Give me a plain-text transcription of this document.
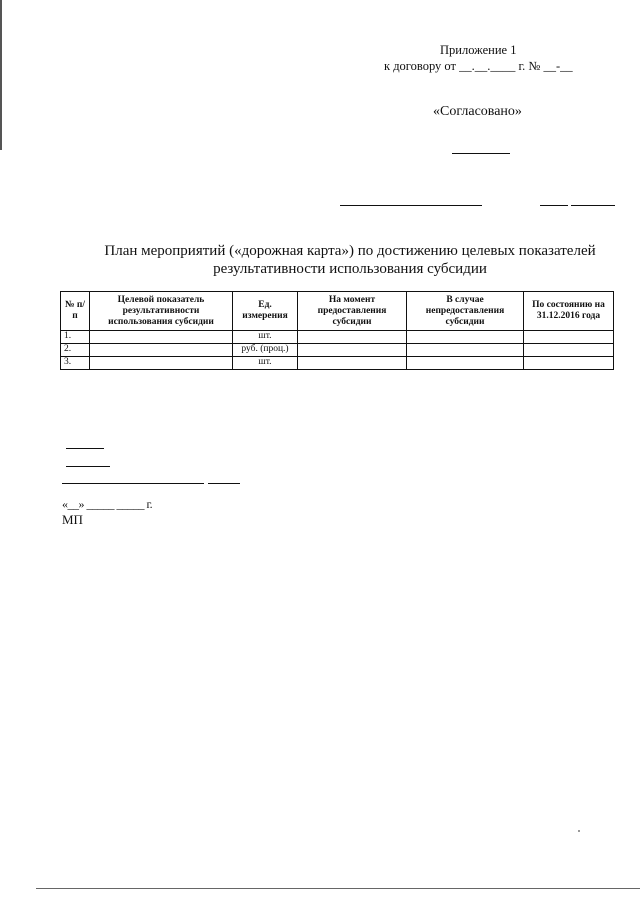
Приложение 1
к договору от __.__.____ г. № __-__
«Согласовано»
План мероприятий («дорожная карта») по достижению целевых показателей
результативности использования субсидии
№ п/п	Целевой показатель результативности использования субсидии	Ед. измерения	На момент предоставления субсидии	В случае непредоставления субсидии	По состоянию на 31.12.2016 года
1.		шт.			
2.		руб. (проц.)			
3.		шт.			
«__» _____ _____ г.
МП
